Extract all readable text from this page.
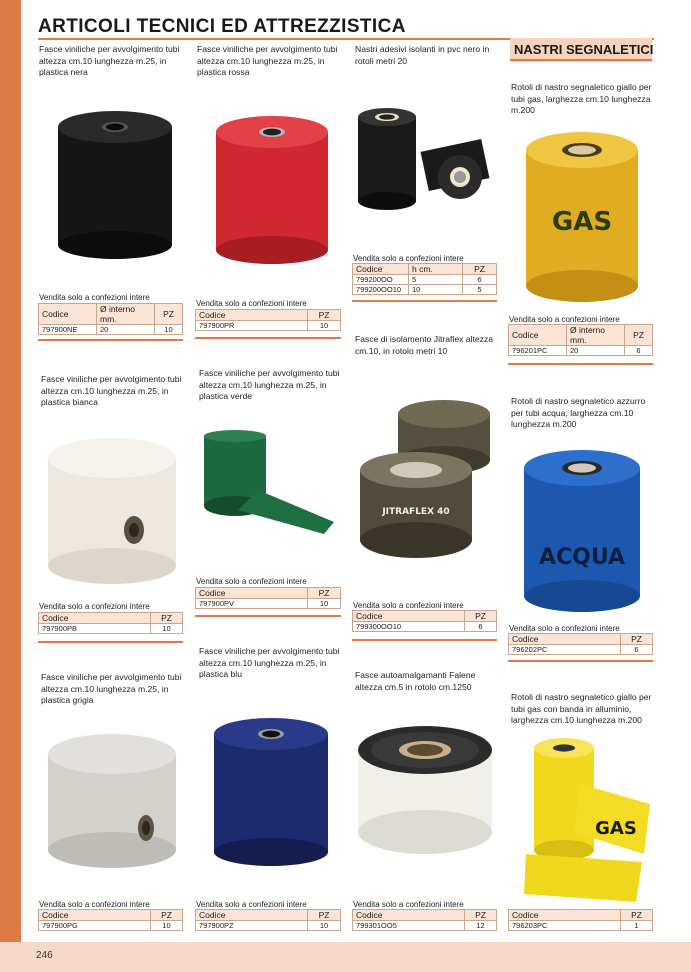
246
ARTICOLI TECNICI ED ATTREZZISTICA
NASTRI SEGNALETICI
Fasce viniliche per avvolgimento tubi altezza cm.10 lunghezza m.25, in plastica nera
Vendita solo a confezioni intere
Codice	Ø interno mm.	PZ
797900NE	20	10
Fasce viniliche per avvolgimento tubi altezza cm.10 lunghezza m.25, in plastica rossa
Vendita solo a confezioni intere
Codice	PZ
797900PR	10
Nastri adesivi isolanti in pvc nero in rotoli metri 20
Vendita solo a confezioni intere
Codice	h cm.	PZ
799200OO	5	6
799200OO10	10	5
Rotoli di nastro segnaletico giallo per tubi gas, larghezza cm.10 lunghezza m.200
GAS
Vendita solo a confezioni intere
Codice	Ø interno mm.	PZ
796201PC	20	6
Fasce viniliche per avvolgimento tubi altezza cm.10 lunghezza m.25, in plastica bianca
Vendita solo a confezioni intere
Codice	PZ
797900PB	10
Fasce viniliche per avvolgimento tubi altezza cm.10 lunghezza m.25, in plastica verde
Vendita solo a confezioni intere
Codice	PZ
797900PV	10
Fasce di isolamento Jitraflex altezza cm.10, in rotolo metri 10
JITRAFLEX 40
Vendita solo a confezioni intere
Codice	PZ
799300OO10	6
Rotoli di nastro segnaletico azzurro per tubi acqua, larghezza cm.10 lunghezza m.200
ACQUA
Vendita solo a confezioni intere
Codice	PZ
796202PC	6
Fasce viniliche per avvolgimento tubi altezza cm.10 lunghezza m.25, in plastica grigia
Vendita solo a confezioni intere
Codice	PZ
797900PG	10
Fasce viniliche per avvolgimento tubi altezza cm.10 lunghezza m.25, in plastica blu
Vendita solo a confezioni intere
Codice	PZ
797900PZ	10
Fasce autoamalgamanti Falene altezza cm.5 in rotolo cm.1250
Vendita solo a confezioni intere
Codice	PZ
799301OO5	12
Rotoli di nastro segnaletico giallo per tubi gas con banda in alluminio, larghezza cm.10 lunghezza m.200
GAS
Codice	PZ
796203PC	1
